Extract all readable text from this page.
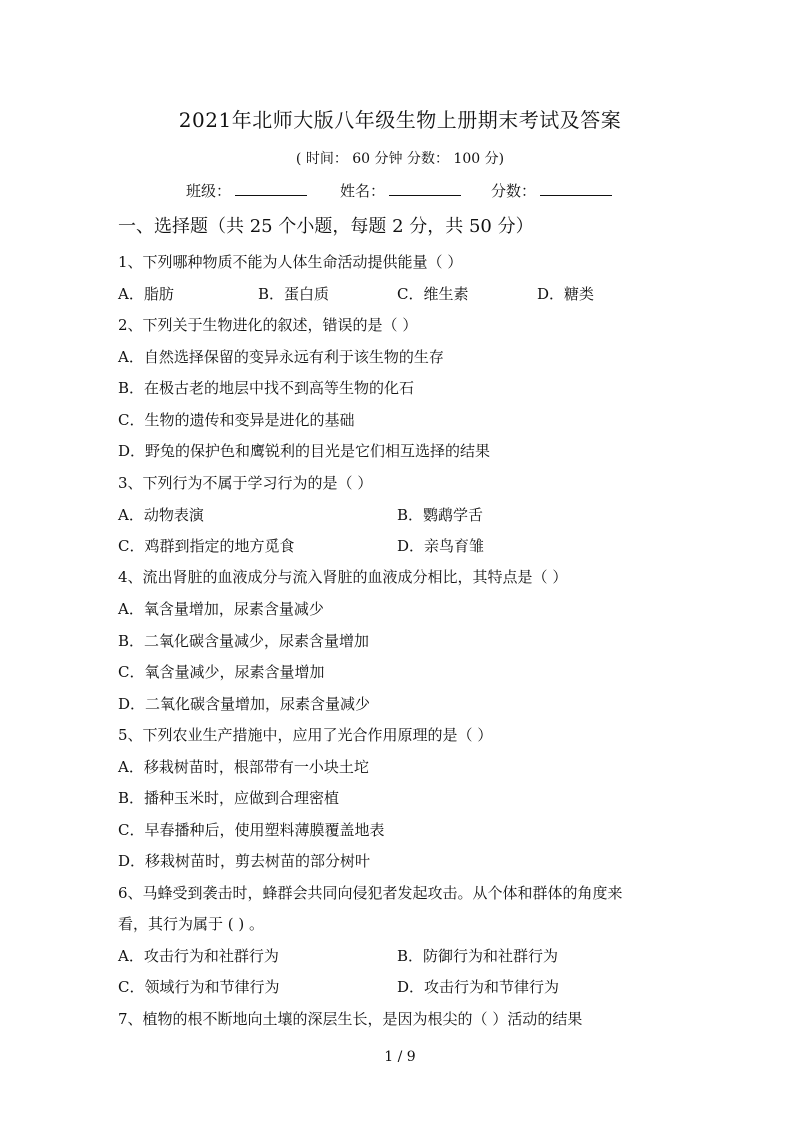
2021年北师大版八年级生物上册期末考试及答案
( 时间： 60 分钟 分数： 100 分)
班级：	姓名：	分数：
一、选择题（共 25 个小题，每题 2 分，共 50 分）
1、下列哪种物质不能为人体生命活动提供能量（ ）
A．脂肪	B．蛋白质	C．维生素	D．糖类
2、下列关于生物进化的叙述，错误的是（ ）
A．自然选择保留的变异永远有利于该生物的生存
B．在极古老的地层中找不到高等生物的化石
C．生物的遗传和变异是进化的基础
D．野兔的保护色和鹰锐利的目光是它们相互选择的结果
3、下列行为不属于学习行为的是（ ）
A．动物表演	B．鹦鹉学舌
C．鸡群到指定的地方觅食	D．亲鸟育雏
4、流出肾脏的血液成分与流入肾脏的血液成分相比，其特点是（ ）
A．氧含量增加，尿素含量减少
B．二氧化碳含量减少，尿素含量增加
C．氧含量减少，尿素含量增加
D．二氧化碳含量增加，尿素含量减少
5、下列农业生产措施中，应用了光合作用原理的是（ ）
A．移栽树苗时，根部带有一小块土坨
B．播种玉米时，应做到合理密植
C．早春播种后，使用塑料薄膜覆盖地表
D．移栽树苗时，剪去树苗的部分树叶
6、马蜂受到袭击时，蜂群会共同向侵犯者发起攻击。从个体和群体的角度来
看，其行为属于 ( ) 。
A．攻击行为和社群行为	B．防御行为和社群行为
C．领域行为和节律行为	D．攻击行为和节律行为
7、植物的根不断地向土壤的深层生长，是因为根尖的（ ）活动的结果
1 / 9
